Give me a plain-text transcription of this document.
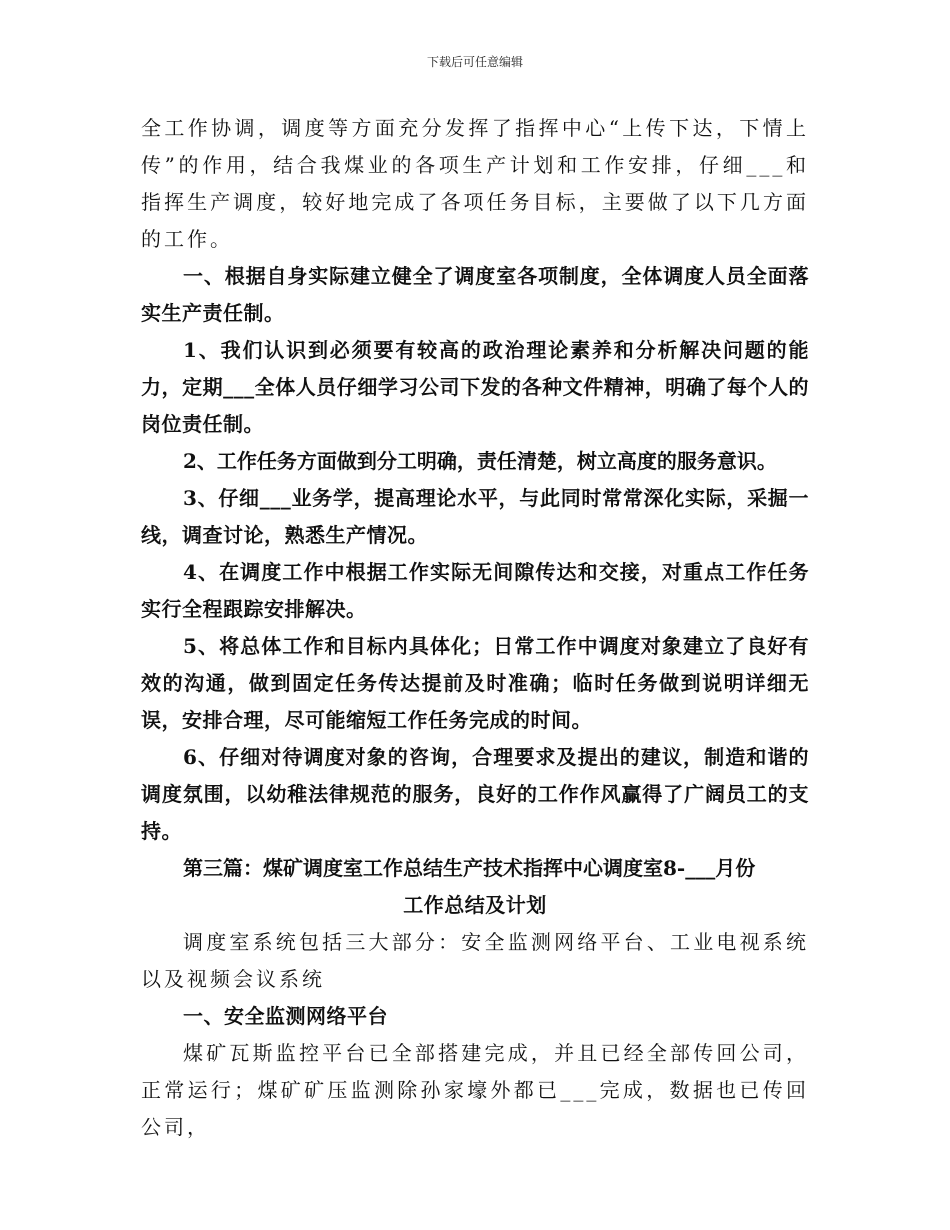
下载后可任意编辑

全工作协调，调度等方面充分发挥了指挥中心“上传下达，下情上传”的作用，结合我煤业的各项生产计划和工作安排，仔细___和指挥生产调度，较好地完成了各项任务目标，主要做了以下几方面的工作。

一、根据自身实际建立健全了调度室各项制度，全体调度人员全面落实生产责任制。

1、我们认识到必须要有较高的政治理论素养和分析解决问题的能力，定期___全体人员仔细学习公司下发的各种文件精神，明确了每个人的岗位责任制。

2、工作任务方面做到分工明确，责任清楚，树立高度的服务意识。

3、仔细___业务学，提高理论水平，与此同时常常深化实际，采掘一线，调查讨论，熟悉生产情况。

4、在调度工作中根据工作实际无间隙传达和交接，对重点工作任务实行全程跟踪安排解决。

5、将总体工作和目标内具体化；日常工作中调度对象建立了良好有效的沟通，做到固定任务传达提前及时准确；临时任务做到说明详细无误，安排合理，尽可能缩短工作任务完成的时间。

6、仔细对待调度对象的咨询，合理要求及提出的建议，制造和谐的调度氛围，以幼稚法律规范的服务，良好的工作作风赢得了广阔员工的支持。

第三篇：煤矿调度室工作总结生产技术指挥中心调度室8-___月份

工作总结及计划

调度室系统包括三大部分：安全监测网络平台、工业电视系统以及视频会议系统

一、安全监测网络平台

煤矿瓦斯监控平台已全部搭建完成，并且已经全部传回公司，正常运行；煤矿矿压监测除孙家壕外都已___完成，数据也已传回公司，
